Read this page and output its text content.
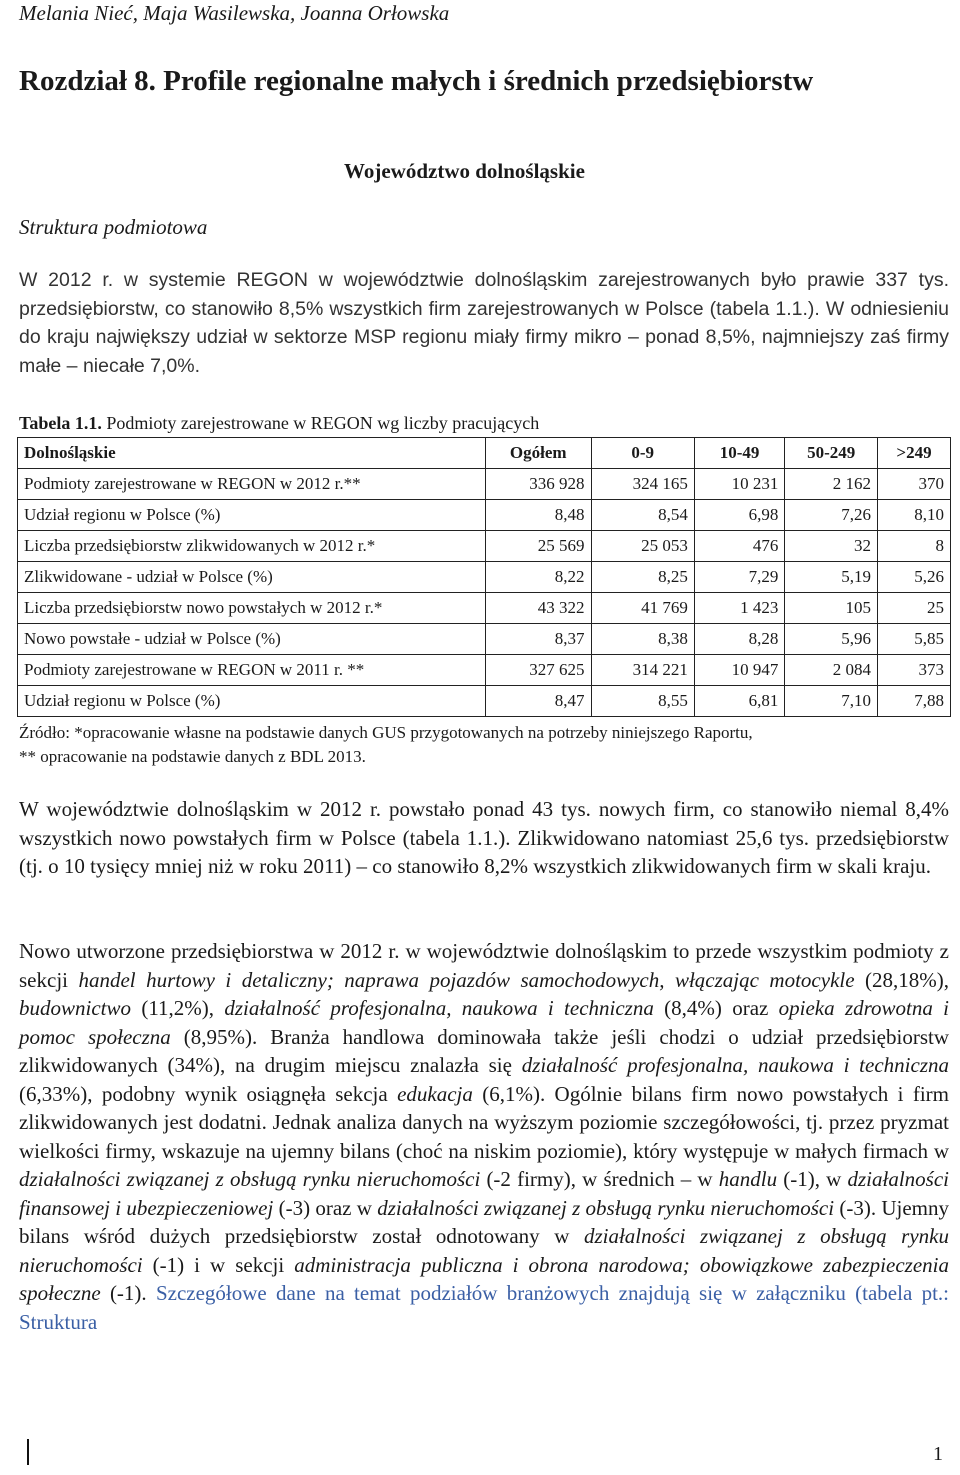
Melania Nieć, Maja Wasilewska, Joanna Orłowska
Rozdział 8. Profile regionalne małych i średnich przedsiębiorstw
Województwo dolnośląskie
Struktura podmiotowa
W 2012 r. w systemie REGON w województwie dolnośląskim zarejestrowanych było prawie 337 tys. przedsiębiorstw, co stanowiło 8,5% wszystkich firm zarejestrowanych w Polsce (tabela 1.1.). W odniesieniu do kraju największy udział w sektorze MSP regionu miały firmy mikro – ponad 8,5%, najmniejszy zaś firmy małe – niecałe 7,0%.
Tabela 1.1. Podmioty zarejestrowane w REGON wg liczby pracujących
Dolnośląskie	Ogółem	0-9	10-49	50-249	>249
Podmioty zarejestrowane w REGON w 2012 r.**	336 928	324 165	10 231	2 162	370
Udział regionu w Polsce (%)	8,48	8,54	6,98	7,26	8,10
Liczba przedsiębiorstw zlikwidowanych w 2012 r.*	25 569	25 053	476	32	8
Zlikwidowane - udział w Polsce (%)	8,22	8,25	7,29	5,19	5,26
Liczba przedsiębiorstw nowo powstałych w 2012 r.*	43 322	41 769	1 423	105	25
Nowo powstałe - udział w Polsce (%)	8,37	8,38	8,28	5,96	5,85
Podmioty zarejestrowane w REGON w 2011 r. **	327 625	314 221	10 947	2 084	373
Udział regionu w Polsce (%)	8,47	8,55	6,81	7,10	7,88
Źródło: *opracowanie własne na podstawie danych GUS przygotowanych na potrzeby niniejszego Raportu,
** opracowanie na podstawie danych z BDL 2013.
W województwie dolnośląskim w 2012 r. powstało ponad 43 tys. nowych firm, co stanowiło niemal 8,4% wszystkich nowo powstałych firm w Polsce (tabela 1.1.). Zlikwidowano natomiast 25,6 tys. przedsiębiorstw (tj. o 10 tysięcy mniej niż w roku 2011) – co stanowiło 8,2% wszystkich zlikwidowanych firm w skali kraju.
Nowo utworzone przedsiębiorstwa w 2012 r. w województwie dolnośląskim to przede wszystkim podmioty z sekcji handel hurtowy i detaliczny; naprawa pojazdów samochodowych, włączając motocykle (28,18%), budownictwo (11,2%), działalność profesjonalna, naukowa i techniczna (8,4%) oraz opieka zdrowotna i pomoc społeczna (8,95%). Branża handlowa dominowała także jeśli chodzi o udział przedsiębiorstw zlikwidowanych (34%), na drugim miejscu znalazła się działalność profesjonalna, naukowa i techniczna (6,33%), podobny wynik osiągnęła sekcja edukacja (6,1%). Ogólnie bilans firm nowo powstałych i firm zlikwidowanych jest dodatni. Jednak analiza danych na wyższym poziomie szczegółowości, tj. przez pryzmat wielkości firmy, wskazuje na ujemny bilans (choć na niskim poziomie), który występuje w małych firmach w działalności związanej z obsługą rynku nieruchomości (-2 firmy), w średnich – w handlu (-1), w działalności finansowej i ubezpieczeniowej (-3) oraz w działalności związanej z obsługą rynku nieruchomości (-3). Ujemny bilans wśród dużych przedsiębiorstw został odnotowany w działalności związanej z obsługą rynku nieruchomości (-1) i w sekcji administracja publiczna i obrona narodowa; obowiązkowe zabezpieczenia społeczne (-1). Szczegółowe dane na temat podziałów branżowych znajdują się w załączniku (tabela pt.: Struktura
1
